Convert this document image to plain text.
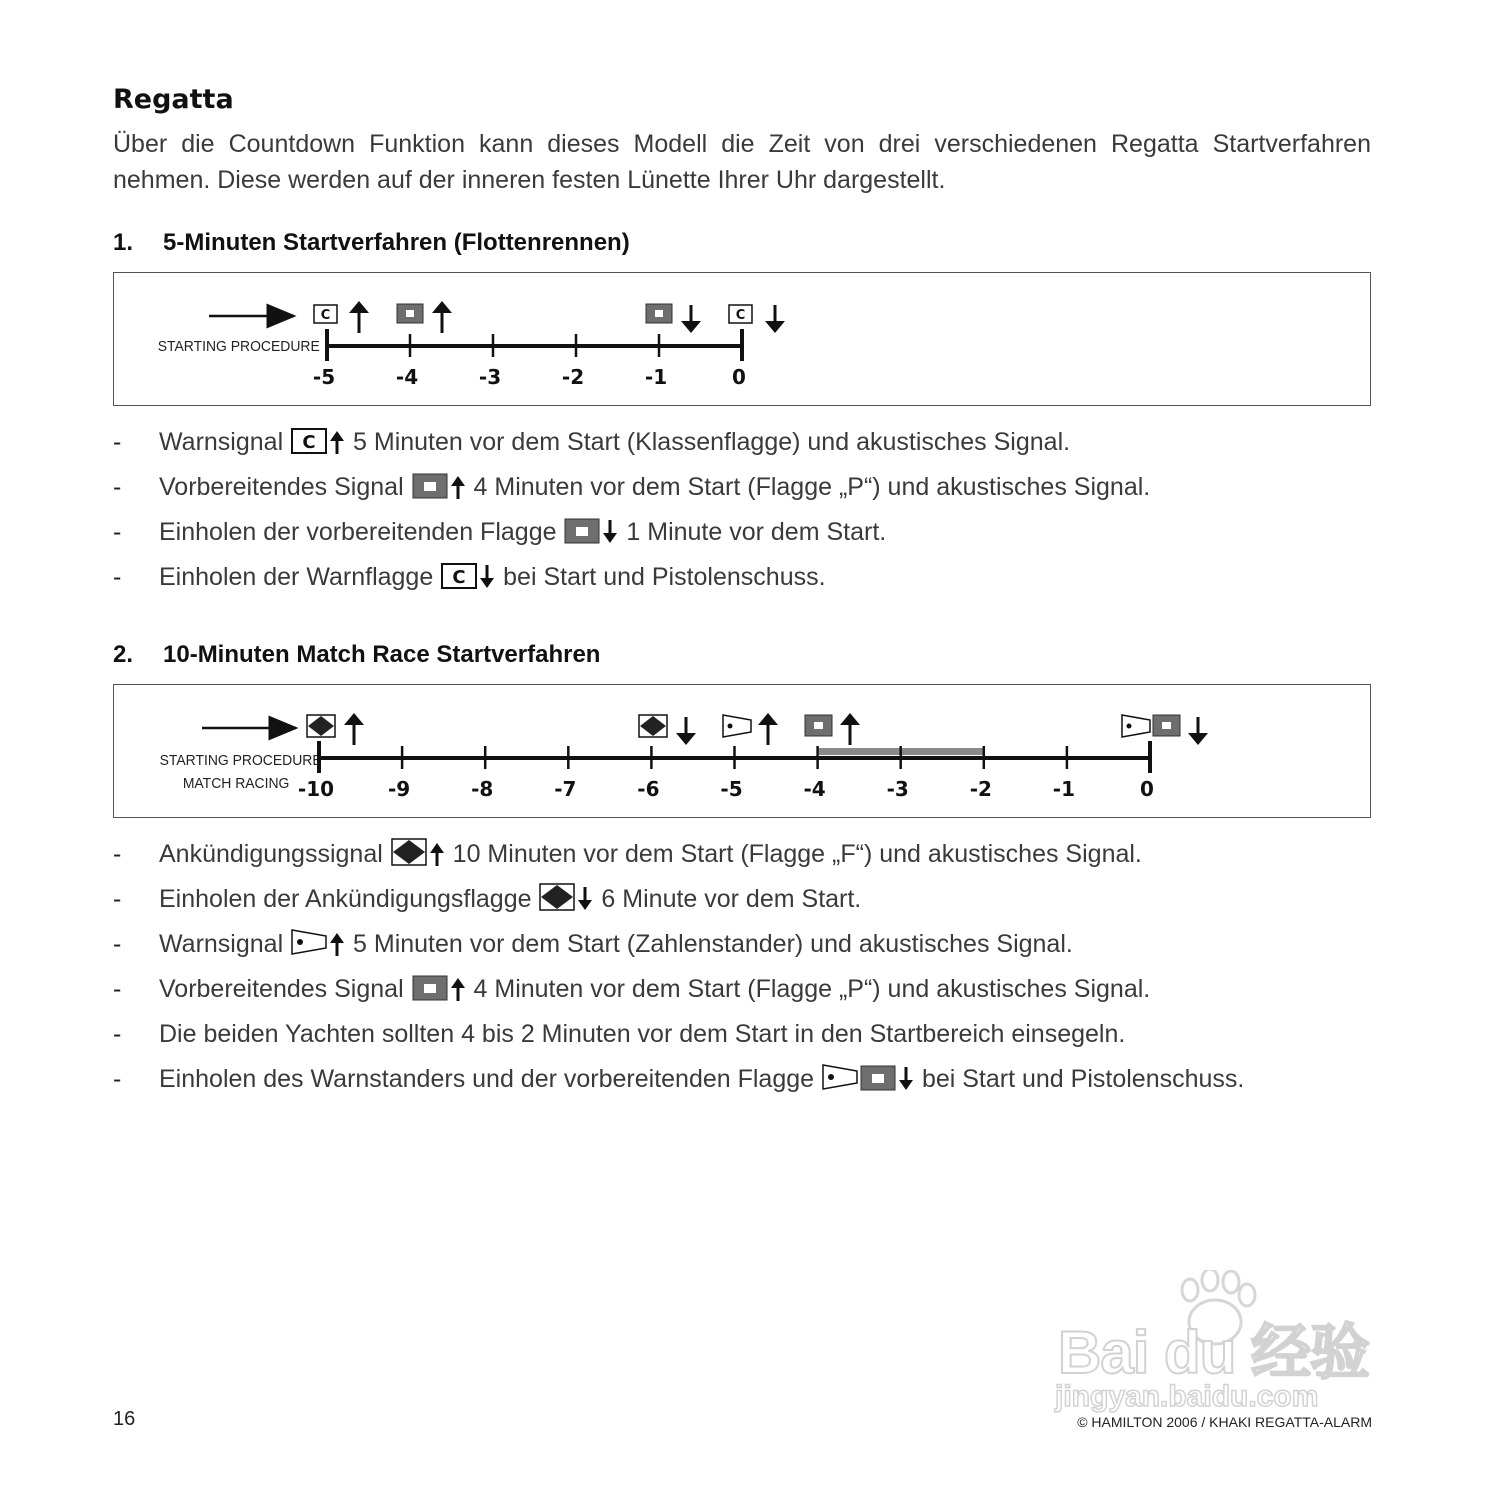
Regatta

Über die Countdown Funktion kann dieses Modell die Zeit von drei verschiedenen Regatta Startverfahren nehmen. Diese werden auf der inneren festen Lünette Ihrer Uhr dargestellt.

1. 5-Minuten Startverfahren (Flottenrennen)
STARTING PROCEDURE
-5	-4	-3	-2	-1	0
C	C
- Warnsignal C 5 Minuten vor dem Start (Klassenflagge) und akustisches Signal.
- Vorbereitendes Signal	4 Minuten vor dem Start (Flagge „P“) und akustisches Signal.
- Einholen der vorbereitenden Flagge	1 Minute vor dem Start.
- Einholen der Warnflagge C bei Start und Pistolenschuss.
2. 10-Minuten Match Race Startverfahren
STARTING PROCEDURE
MATCH RACING -10	-9	-8	-7	-6	-5	-4	-3	-2	-1	0
- Ankündigungssignal	10 Minuten vor dem Start (Flagge „F“) und akustisches Signal.
- Einholen der Ankündigungsflagge	6 Minute vor dem Start.
- Warnsignal	5 Minuten vor dem Start (Zahlenstander) und akustisches Signal.
- Vorbereitendes Signal	4 Minuten vor dem Start (Flagge „P“) und akustisches Signal.
- Die beiden Yachten sollten 4 bis 2 Minuten vor dem Start in den Startbereich einsegeln.
- Einholen des Warnstanders und der vorbereitenden Flagge	bei Start und Pistolenschuss.
Bai du 经验
jingyan.baidu.com
16	© HAMILTON 2006 / KHAKI REGATTA-ALARM
